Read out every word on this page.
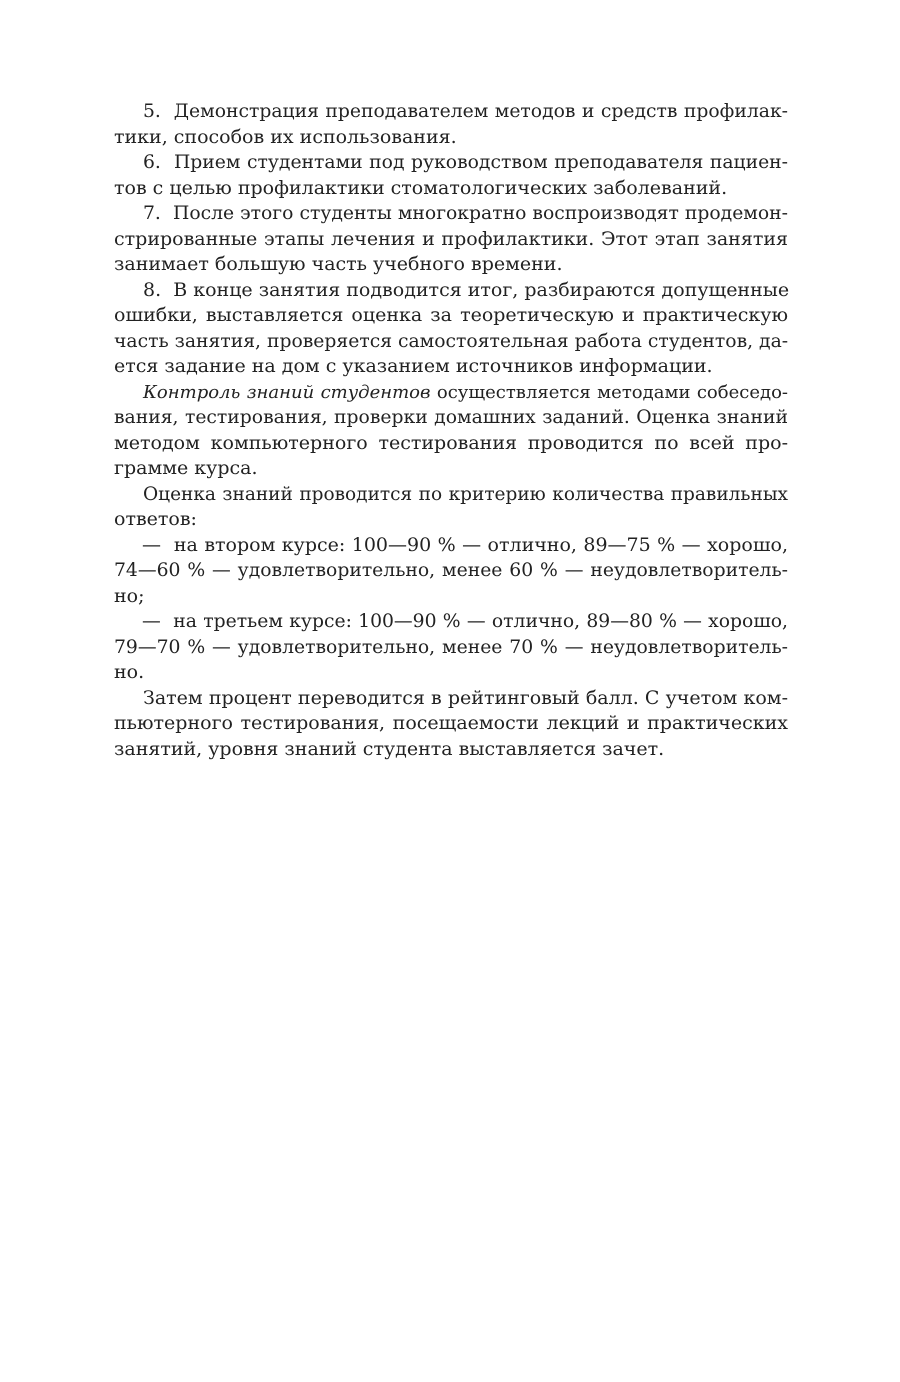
5. Демонстрация преподавателем методов и средств профилак-
тики, способов их использования.
6. Прием студентами под руководством преподавателя пациен-
тов с целью профилактики стоматологических заболеваний.
7. После этого студенты многократно воспроизводят продемон-
стрированные этапы лечения и профилактики. Этот этап занятия
занимает большую часть учебного времени.
8. В конце занятия подводится итог, разбираются допущенные
ошибки, выставляется оценка за теоретическую и практическую
часть занятия, проверяется самостоятельная работа студентов, да-
ется задание на дом с указанием источников информации.
Контроль знаний студентов осуществляется методами собеседо-
вания, тестирования, проверки домашних заданий. Оценка знаний
методом компьютерного тестирования проводится по всей про-
грамме курса.
Оценка знаний проводится по критерию количества правильных
ответов:
— на втором курсе: 100—90 % — отлично, 89—75 % — хорошо,
74—60 % — удовлетворительно, менее 60 % — неудовлетворитель-
но;
— на третьем курсе: 100—90 % — отлично, 89—80 % — хорошо,
79—70 % — удовлетворительно, менее 70 % — неудовлетворитель-
но.
Затем процент переводится в рейтинговый балл. С учетом ком-
пьютерного тестирования, посещаемости лекций и практических
занятий, уровня знаний студента выставляется зачет.
